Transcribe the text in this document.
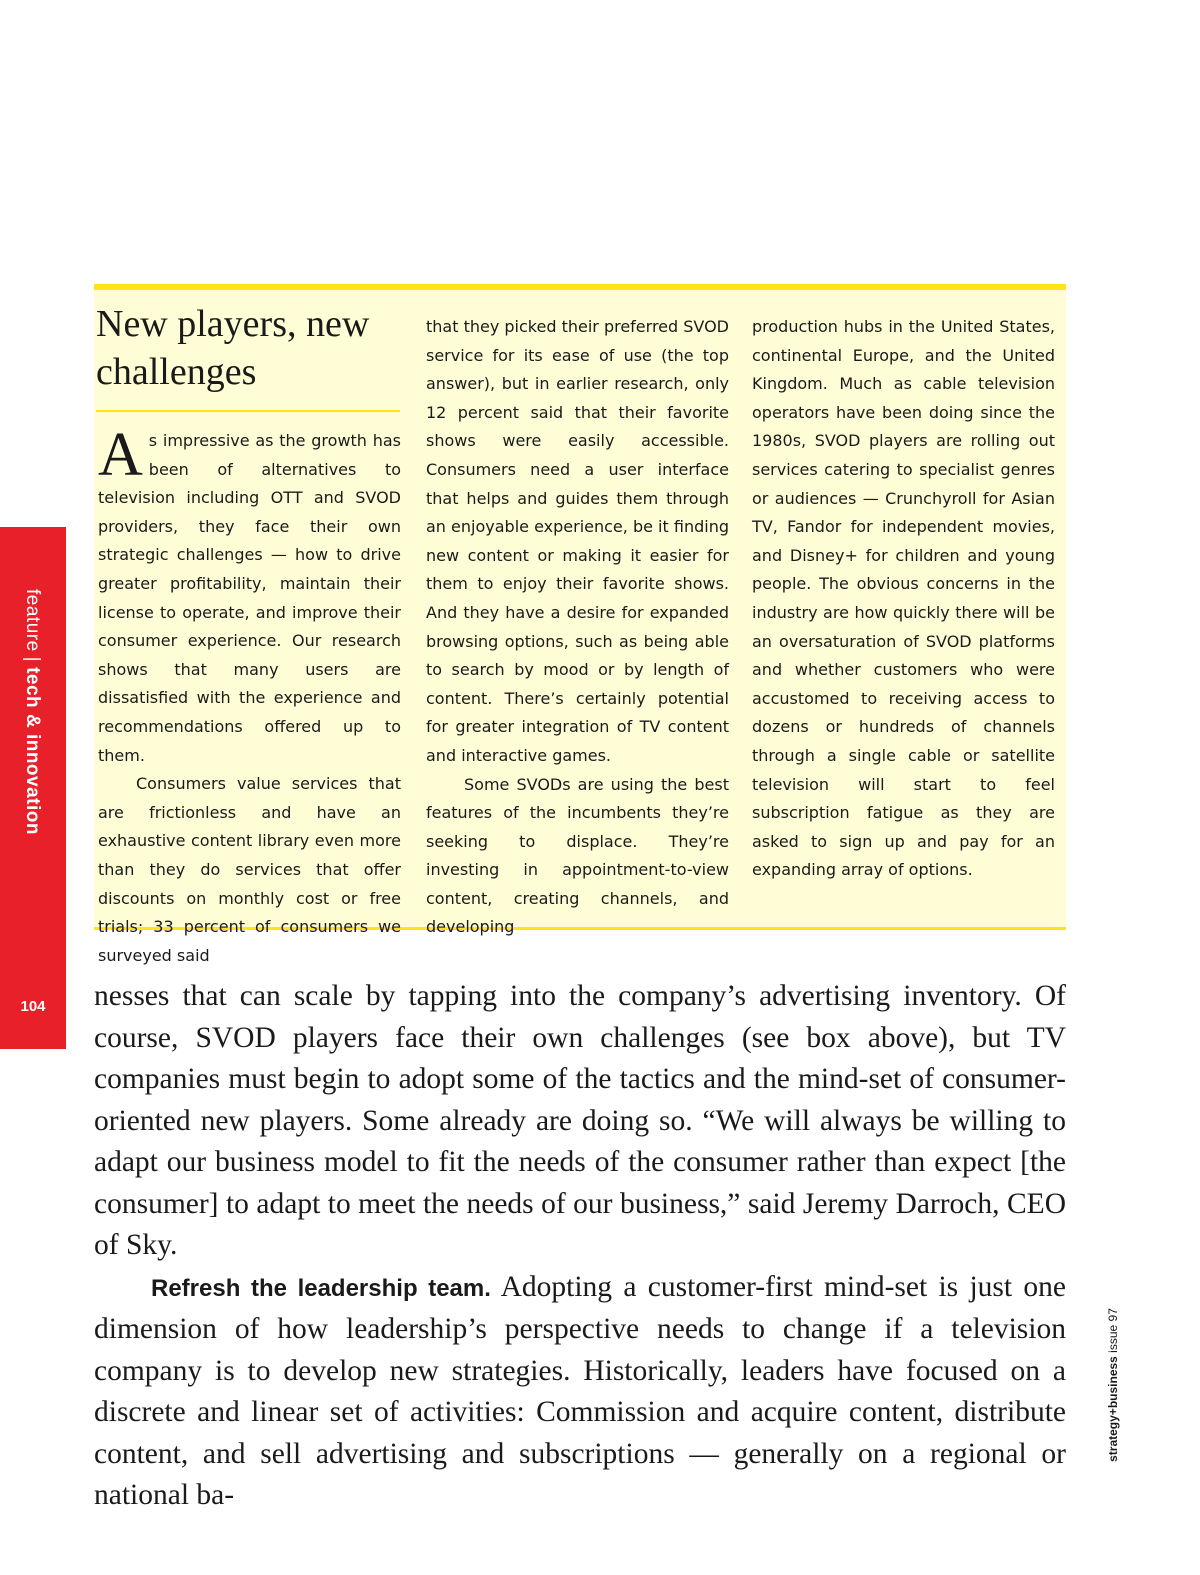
feature|tech & innovation
104
New players, new challenges

As impressive as the growth has been of alternatives to television including OTT and SVOD providers, they face their own strategic challenges — how to drive greater profitability, maintain their license to operate, and improve their consumer experience. Our research shows that many users are dissatisfied with the experience and recommendations offered up to them.

Consumers value services that are frictionless and have an exhaustive content library even more than they do services that offer discounts on monthly cost or free trials; 33 percent of consumers we surveyed said

that they picked their preferred SVOD service for its ease of use (the top answer), but in earlier research, only 12 percent said that their favorite shows were easily accessible. Consumers need a user interface that helps and guides them through an enjoyable experience, be it finding new content or making it easier for them to enjoy their favorite shows. And they have a desire for expanded browsing options, such as being able to search by mood or by length of content. There’s certainly potential for greater integration of TV content and interactive games.

Some SVODs are using the best features of the incumbents they’re seeking to displace. They’re investing in appointment-to-view content, creating channels, and developing

production hubs in the United States, continental Europe, and the United Kingdom. Much as cable television operators have been doing since the 1980s, SVOD players are rolling out services catering to specialist genres or audiences — Crunchyroll for Asian TV, Fandor for independent movies, and Disney+ for children and young people. The obvious concerns in the industry are how quickly there will be an oversaturation of SVOD platforms and whether customers who were accustomed to receiving access to dozens or hundreds of channels through a single cable or satellite television will start to feel subscription fatigue as they are asked to sign up and pay for an expanding array of options.

nesses that can scale by tapping into the company’s advertising inventory. Of course, SVOD players face their own challenges (see box above), but TV companies must begin to adopt some of the tactics and the mind-set of consumer-oriented new players. Some already are doing so. “We will always be willing to adapt our business model to fit the needs of the consumer rather than expect [the consumer] to adapt to meet the needs of our business,” said Jeremy Darroch, CEO of Sky.

Refresh the leadership team. Adopting a customer-first mind-set is just one dimension of how leadership’s perspective needs to change if a television company is to develop new strategies. Historically, leaders have focused on a discrete and linear set of activities: Commission and acquire content, distribute content, and sell advertising and subscriptions — generally on a regional or national ba-

strategy+business issue 97
